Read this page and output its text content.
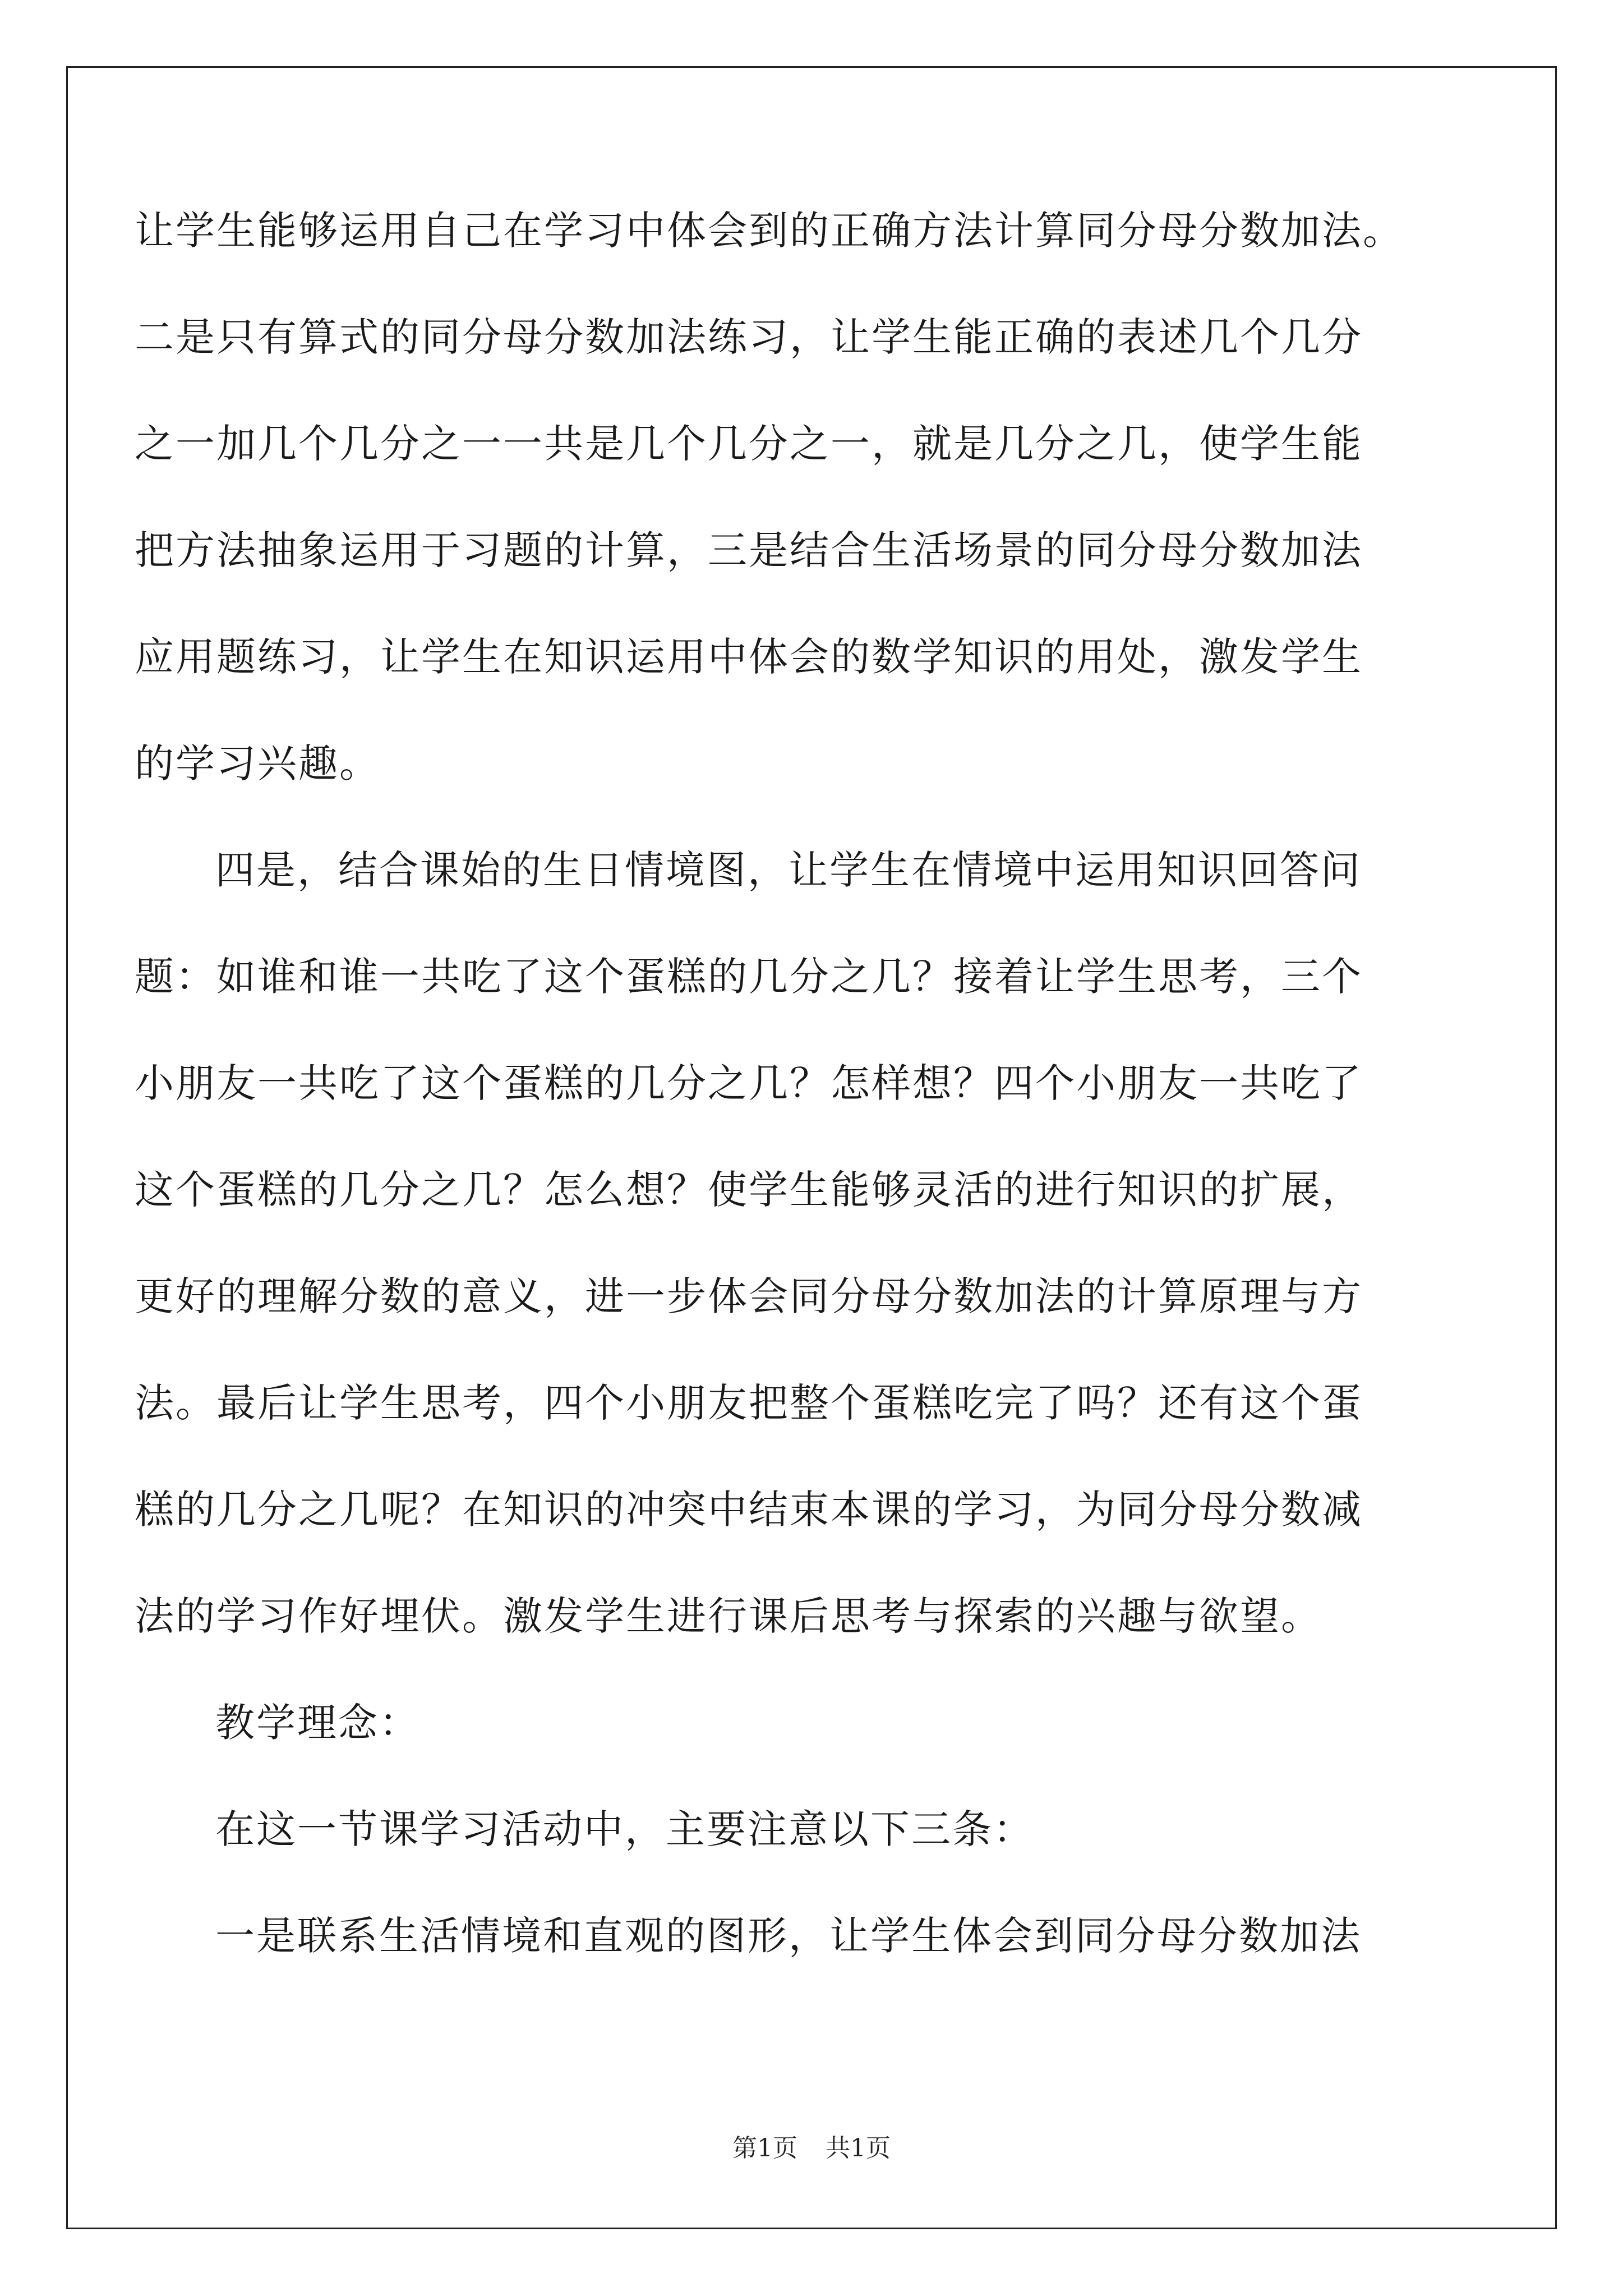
让学生能够运用自己在学习中体会到的正确方法计算同分母分数加法。
二是只有算式的同分母分数加法练习，让学生能正确的表述几个几分
之一加几个几分之一一共是几个几分之一，就是几分之几，使学生能
把方法抽象运用于习题的计算，三是结合生活场景的同分母分数加法
应用题练习，让学生在知识运用中体会的数学知识的用处，激发学生
的学习兴趣。
四是，结合课始的生日情境图，让学生在情境中运用知识回答问
题：如谁和谁一共吃了这个蛋糕的几分之几？接着让学生思考，三个
小朋友一共吃了这个蛋糕的几分之几？怎样想？四个小朋友一共吃了
这个蛋糕的几分之几？怎么想？使学生能够灵活的进行知识的扩展，
更好的理解分数的意义，进一步体会同分母分数加法的计算原理与方
法。最后让学生思考，四个小朋友把整个蛋糕吃完了吗？还有这个蛋
糕的几分之几呢？在知识的冲突中结束本课的学习，为同分母分数减
法的学习作好埋伏。激发学生进行课后思考与探索的兴趣与欲望。
教学理念：
在这一节课学习活动中，主要注意以下三条：
一是联系生活情境和直观的图形，让学生体会到同分母分数加法
第1页 共1页
